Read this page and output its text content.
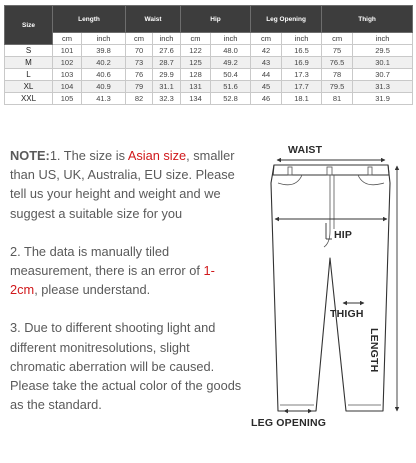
Size	Length		Waist		Hip		Leg Opening		Thigh	
	cm	inch	cm	inch	cm	inch	cm	inch	cm	inch
S	101	39.8	70	27.6	122	48.0	42	16.5	75	29.5
M	102	40.2	73	28.7	125	49.2	43	16.9	76.5	30.1
L	103	40.6	76	29.9	128	50.4	44	17.3	78	30.7
XL	104	40.9	79	31.1	131	51.6	45	17.7	79.5	31.3
XXL	105	41.3	82	32.3	134	52.8	46	18.1	81	31.9

NOTE:1. The size is Asian size, smaller than US, UK, Australia, EU size. Please tell us your height and weight and we suggest a suitable size for you

2. The data is manually tiled measurement, there is an error of 1-2cm, please understand.

3. Due to different shooting light and different monitresolutions, slight chromatic aberration will be caused. Please take the actual color of the goods as the standard.

WAIST
HIP
THIGH
LEG OPENING
LENGTH
